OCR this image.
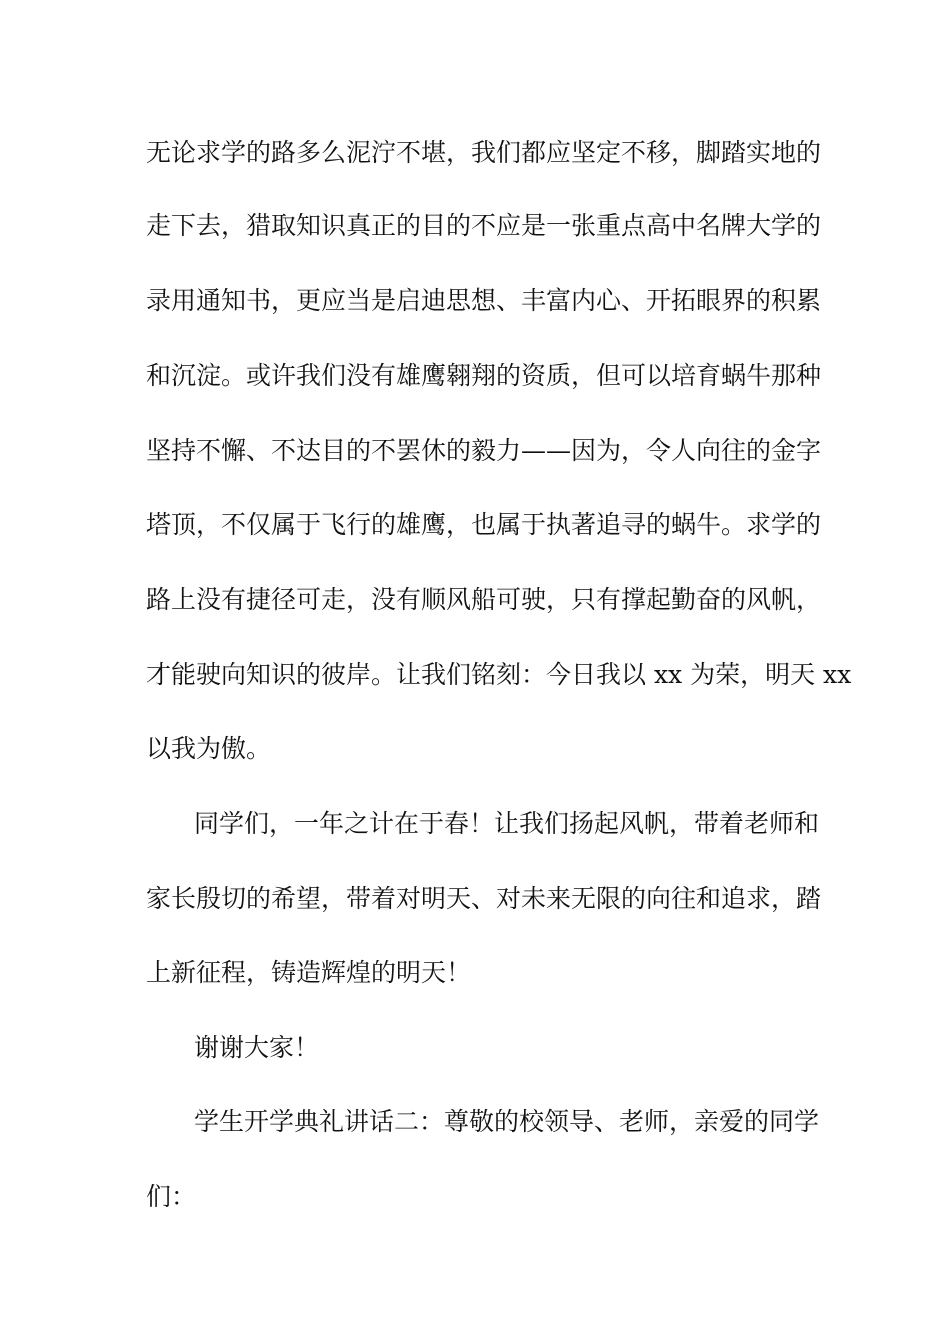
无论求学的路多么泥泞不堪，我们都应坚定不移，脚踏实地的
走下去，猎取知识真正的目的不应是一张重点高中名牌大学的
录用通知书，更应当是启迪思想、丰富内心、开拓眼界的积累
和沉淀。或许我们没有雄鹰翱翔的资质，但可以培育蜗牛那种
坚持不懈、不达目的不罢休的毅力——因为，令人向往的金字
塔顶，不仅属于飞行的雄鹰，也属于执著追寻的蜗牛。求学的
路上没有捷径可走，没有顺风船可驶，只有撑起勤奋的风帆，
才能驶向知识的彼岸。让我们铭刻：今日我以 xx 为荣，明天 xx
以我为傲。
同学们，一年之计在于春！让我们扬起风帆，带着老师和
家长殷切的希望，带着对明天、对未来无限的向往和追求，踏
上新征程，铸造辉煌的明天！
谢谢大家！
学生开学典礼讲话二：尊敬的校领导、老师，亲爱的同学
们：
